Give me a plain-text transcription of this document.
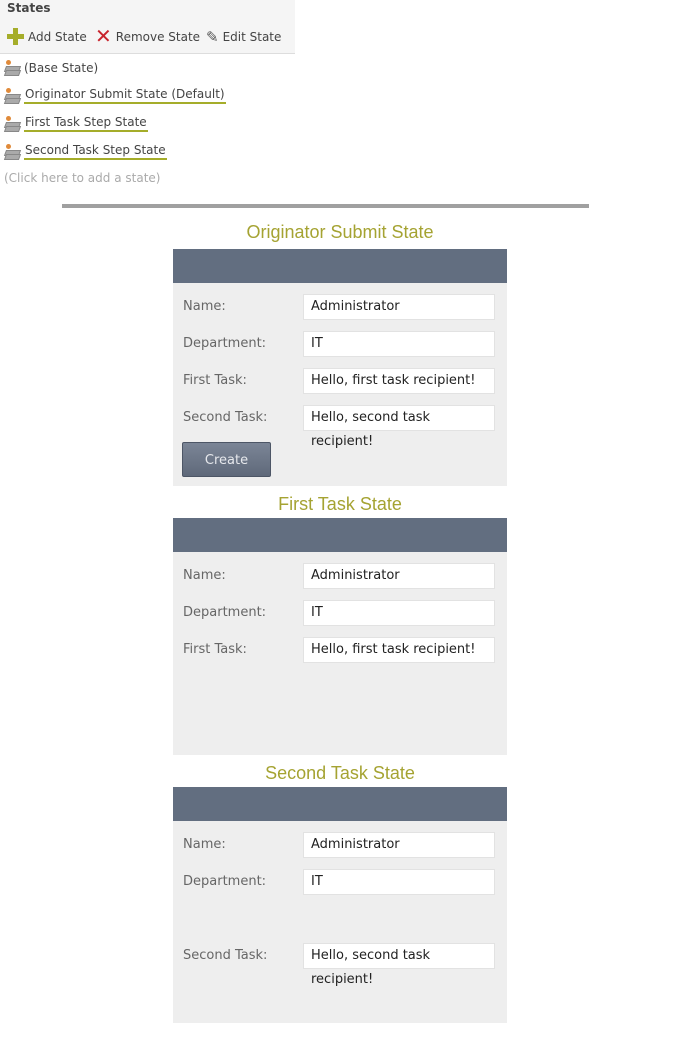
States
Add State ✕ Remove State ✎ Edit State
(Base State)
Originator Submit State (Default)
First Task Step State
Second Task Step State
(Click here to add a state)
Originator Submit State
Name:	Administrator
Department:	IT
First Task:	Hello, first task recipient!
Second Task:	Hello, second task recipient!
Create
First Task State
Name:	Administrator
Department:	IT
First Task:	Hello, first task recipient!
Second Task State
Name:	Administrator
Department:	IT
Second Task:	Hello, second task recipient!
